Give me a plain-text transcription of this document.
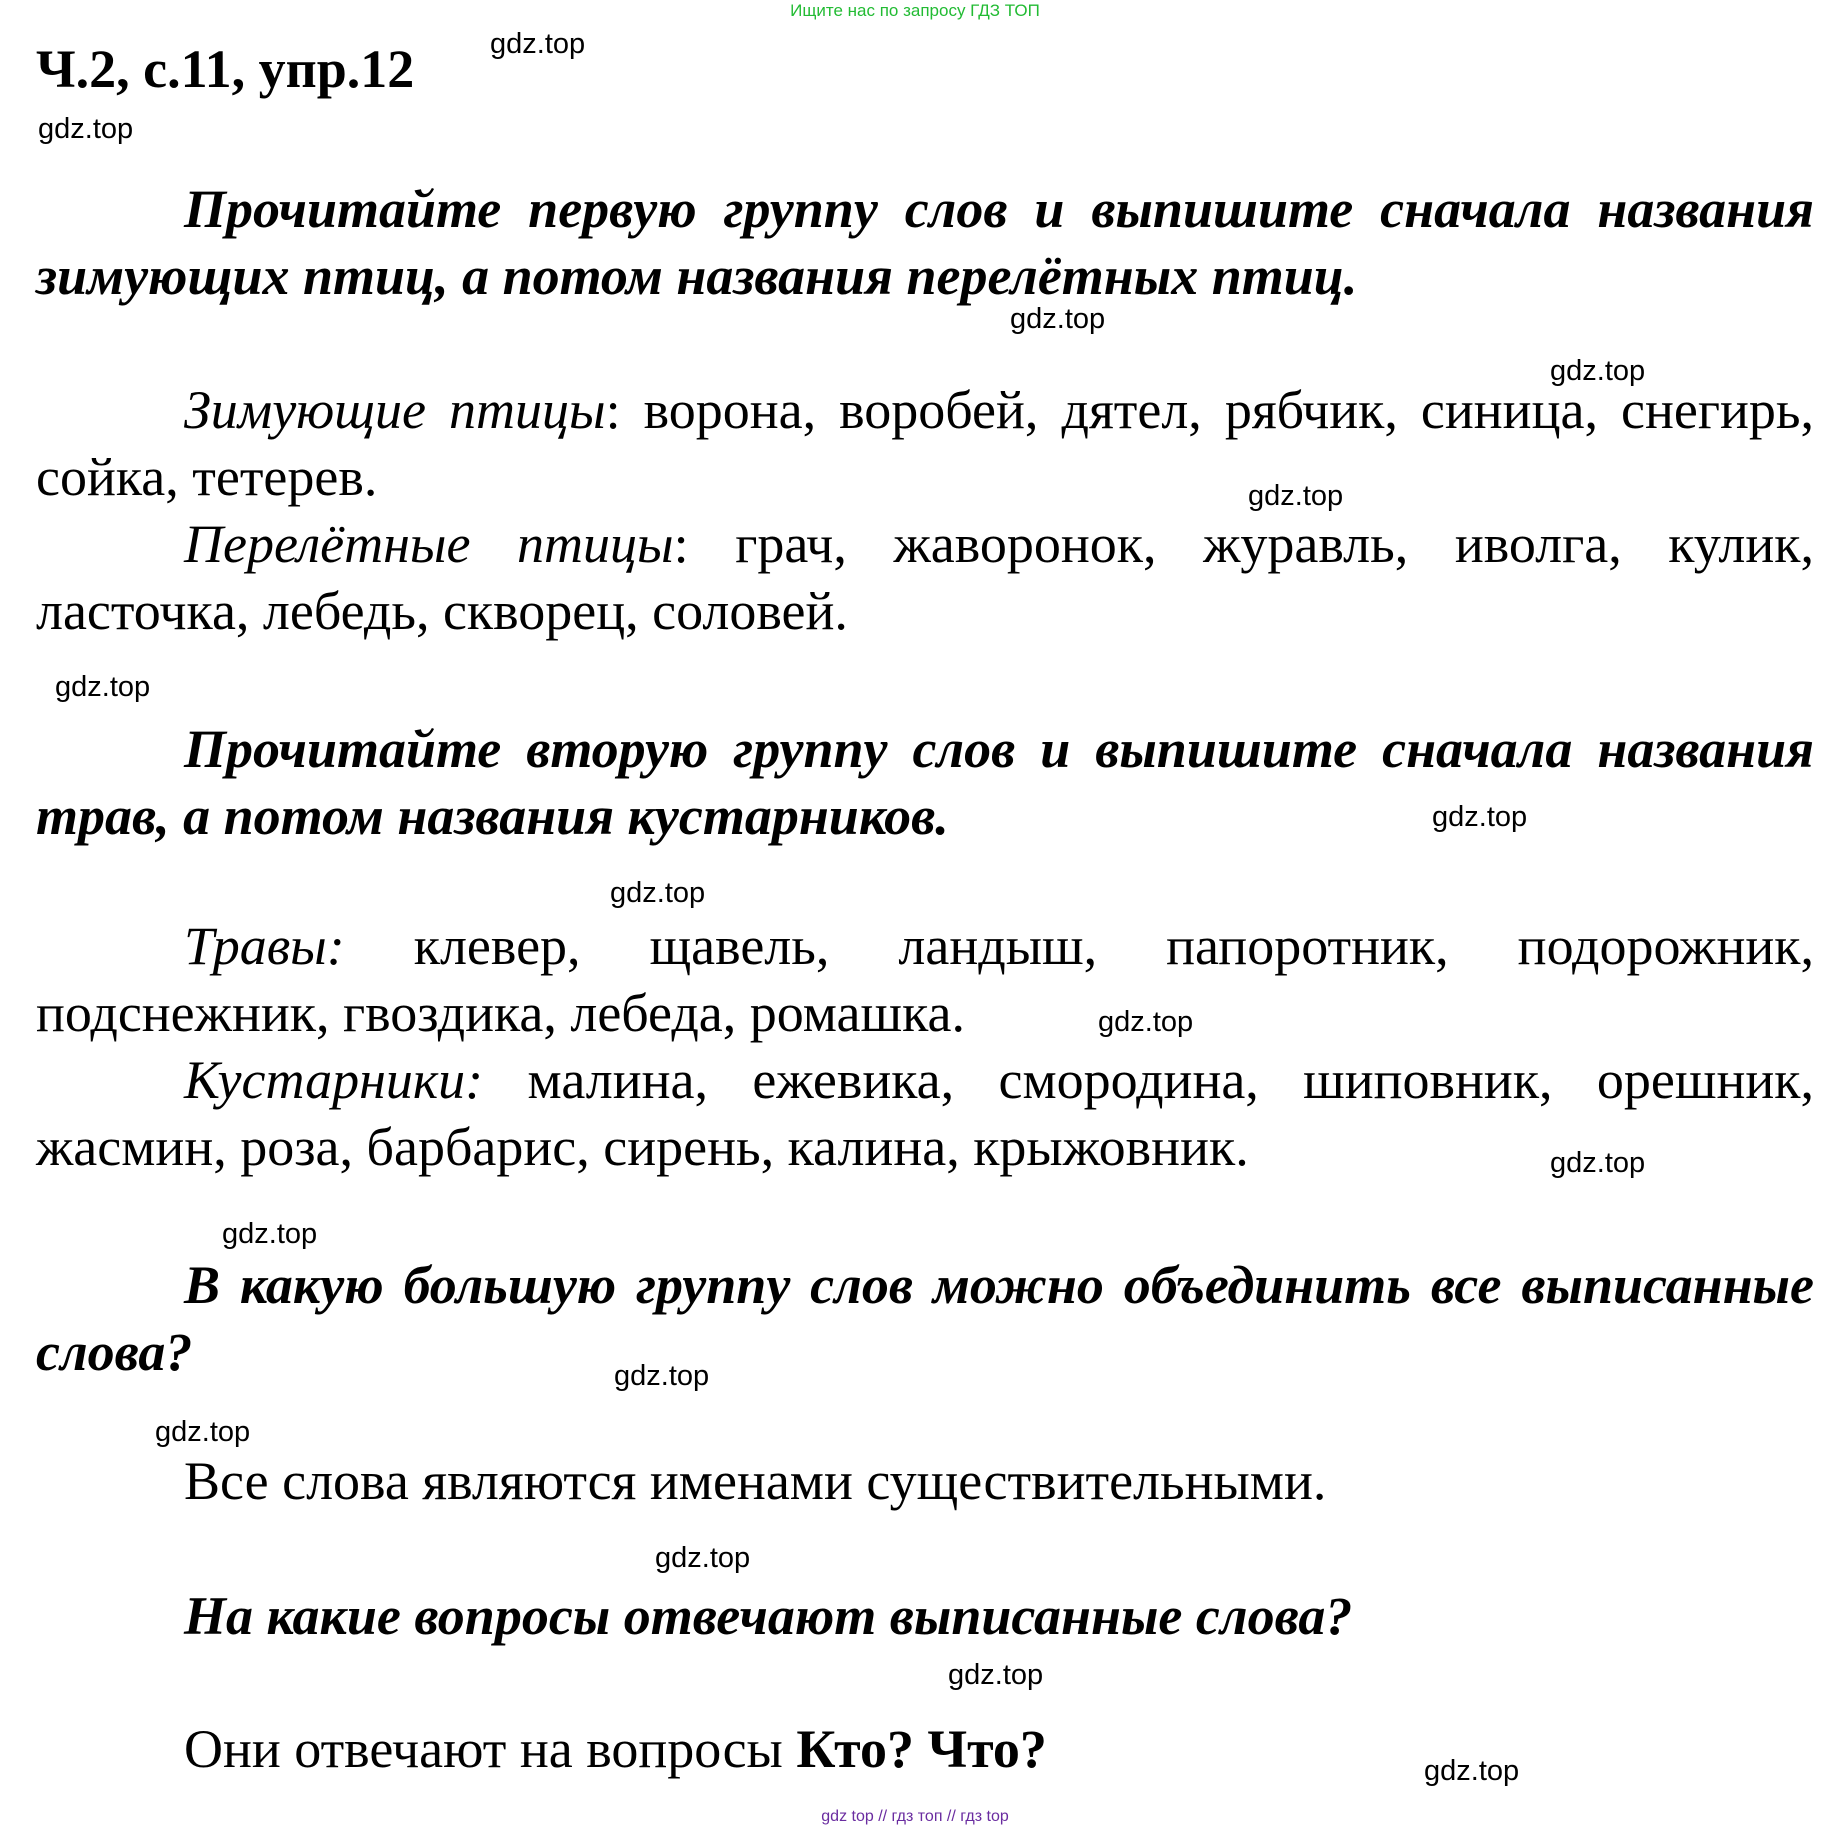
Ищите нас по запросу ГДЗ ТОП
Ч.2, с.11, упр.12	gdz.top
gdz.top
gdz.top
gdz.top
gdz.top
gdz.top
gdz.top
gdz.top
gdz.top
gdz.top
gdz.top
gdz.top
gdz.top
gdz.top
gdz.top
gdz.top
Прочитайте первую группу слов и выпишите сначала названия зимующих птиц, а потом названия перелётных птиц.
Зимующие птицы: ворона, воробей, дятел, рябчик, синица, снегирь, сойка, тетерев.
Перелётные птицы: грач, жаворонок, журавль, иволга, кулик, ласточка, лебедь, скворец, соловей.
Прочитайте вторую группу слов и выпишите сначала названия трав, а потом названия кустарников.
Травы: клевер, щавель, ландыш, папоротник, подорожник, подснежник, гвоздика, лебеда, ромашка.
Кустарники: малина, ежевика, смородина, шиповник, орешник, жасмин, роза, барбарис, сирень, калина, крыжовник.
В какую большую группу слов можно объединить все выписанные слова?
Все слова являются именами существительными.
На какие вопросы отвечают выписанные слова?
Они отвечают на вопросы Кто? Что?
gdz top // гдз топ // гдз top
